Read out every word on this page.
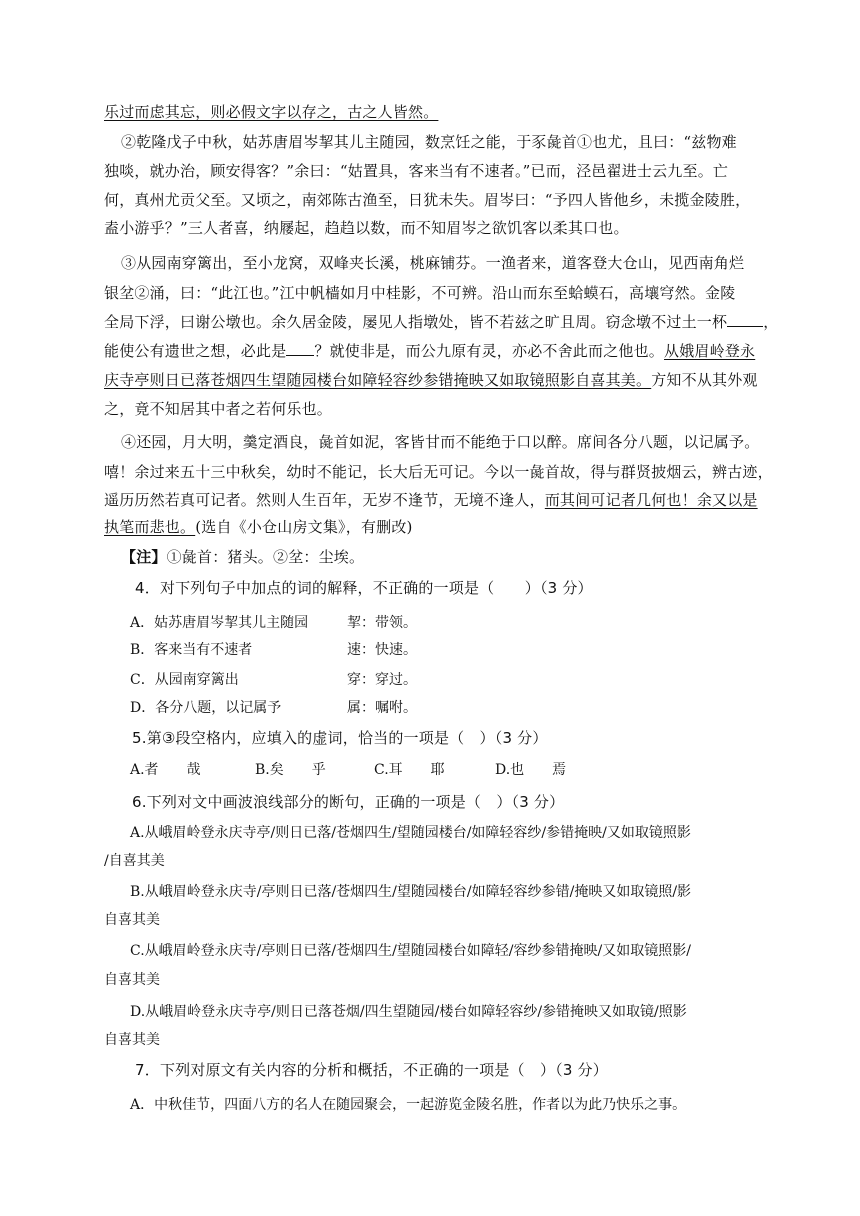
乐过而虑其忘，则必假文字以存之，古之人皆然。
②乾隆戊子中秋，姑苏唐眉岑挈其儿主随园，数烹饪之能，于豕彘首①也尤，且曰：“兹物难
独啖，就办治，顾安得客？”余曰：“姑置具，客来当有不速者。”已而，泾邑翟进士云九至。亡
何，真州尤贡父至。又顷之，南郊陈古渔至，日犹未失。眉岑曰：“予四人皆他乡，未揽金陵胜，
盍小游乎？”三人者喜，纳屦起，趋趋以数，而不知眉岑之欲饥客以柔其口也。
③从园南穿篱出，至小龙窝，双峰夹长溪，桃麻铺芬。一渔者来，道客登大仓山，见西南角烂
银坌②涌，曰：“此江也。”江中帆樯如月中桂影，不可辨。沿山而东至蛤蟆石，高壤穹然。金陵
全局下浮，曰谢公墩也。余久居金陵，屡见人指墩处，皆不若兹之旷且周。窃念墩不过土一杯 ，
能使公有遗世之想，必此是 ？就使非是，而公九原有灵，亦必不舍此而之他也。从娥眉岭登永
庆寺亭则日已落苍烟四生望随园楼台如障轻容纱参错掩映又如取镜照影自喜其美。方知不从其外观
之，竟不知居其中者之若何乐也。
④还园，月大明，羹定酒良，彘首如泥，客皆甘而不能绝于口以醉。席间各分八题，以记属予。
嘻！余过来五十三中秋矣，幼时不能记，长大后无可记。今以一彘首故，得与群贤披烟云，辨古迹，
遥历历然若真可记者。然则人生百年，无岁不逢节，无境不逢人，而其间可记者几何也！余又以是
执笔而悲也。(选自《小仓山房文集》，有删改)
【注】①彘首：猪头。②坌：尘埃。
4．对下列句子中加点的词的解释，不正确的一项是（　　）（3 分）
A．姑苏唐眉岑挈其儿主随园	挈：带领。
B．客来当有不速者	速：快速。
C．从园南穿篱出	穿：穿过。
D．各分八题，以记属予	属：嘱咐。
5.第③段空格内，应填入的虚词，恰当的一项是（　）（3 分）
A.者　　哉	B.矣　　乎	C.耳　　耶	D.也　　焉
6.下列对文中画波浪线部分的断句，正确的一项是（　）（3 分）
A.从峨眉岭登永庆寺亭/则日已落/苍烟四生/望随园楼台/如障轻容纱/参错掩映/又如取镜照影
/自喜其美
B.从峨眉岭登永庆寺/亭则日已落/苍烟四生/望随园楼台/如障轻容纱参错/掩映又如取镜照/影
自喜其美
C.从峨眉岭登永庆寺/亭则日已落/苍烟四生/望随园楼台如障轻/容纱参错掩映/又如取镜照影/
自喜其美
D.从峨眉岭登永庆寺亭/则日已落苍烟/四生望随园/楼台如障轻容纱/参错掩映又如取镜/照影
自喜其美
7．下列对原文有关内容的分析和概括，不正确的一项是（　）（3 分）
A．中秋佳节，四面八方的名人在随园聚会，一起游览金陵名胜，作者以为此乃快乐之事。
